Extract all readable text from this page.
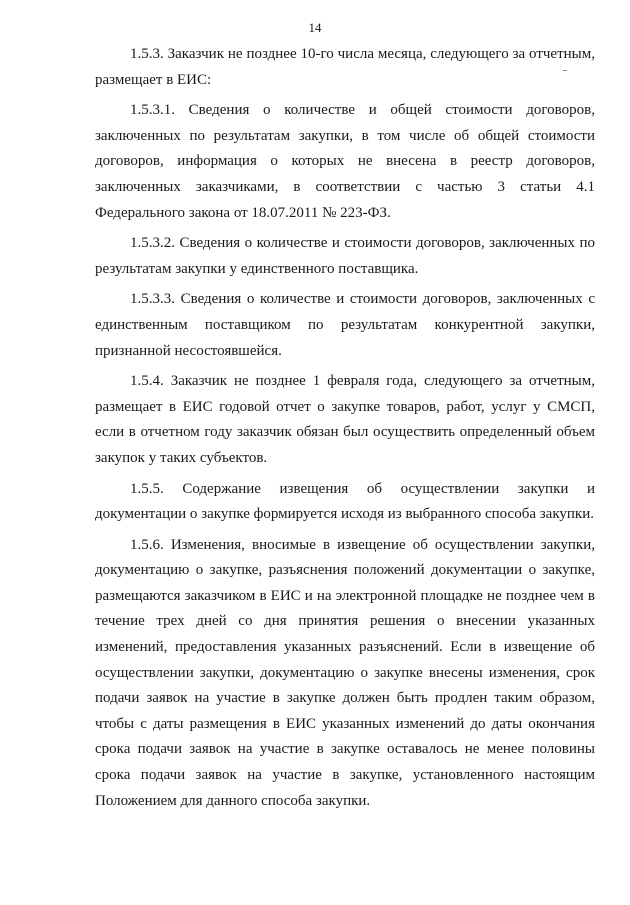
14

1.5.3. Заказчик не позднее 10-го числа месяца, следующего за отчетным, размещает в ЕИС:

1.5.3.1. Сведения о количестве и общей стоимости договоров, заключенных по результатам закупки, в том числе об общей стоимости договоров, информация о которых не внесена в реестр договоров, заключенных заказчиками, в соответствии с частью 3 статьи 4.1 Федерального закона от 18.07.2011 № 223-ФЗ.

1.5.3.2. Сведения о количестве и стоимости договоров, заключенных по результатам закупки у единственного поставщика.

1.5.3.3. Сведения о количестве и стоимости договоров, заключенных с единственным поставщиком по результатам конкурентной закупки, признанной несостоявшейся.

1.5.4. Заказчик не позднее 1 февраля года, следующего за отчетным, размещает в ЕИС годовой отчет о закупке товаров, работ, услуг у СМСП, если в отчетном году заказчик обязан был осуществить определенный объем закупок у таких субъектов.

1.5.5. Содержание извещения об осуществлении закупки и документации о закупке формируется исходя из выбранного способа закупки.

1.5.6. Изменения, вносимые в извещение об осуществлении закупки, документацию о закупке, разъяснения положений документации о закупке, размещаются заказчиком в ЕИС и на электронной площадке не позднее чем в течение трех дней со дня принятия решения о внесении указанных изменений, предоставления указанных разъяснений. Если в извещение об осуществлении закупки, документацию о закупке внесены изменения, срок подачи заявок на участие в закупке должен быть продлен таким образом, чтобы с даты размещения в ЕИС указанных изменений до даты окончания срока подачи заявок на участие в закупке оставалось не менее половины срока подачи заявок на участие в закупке, установленного настоящим Положением для данного способа закупки.
